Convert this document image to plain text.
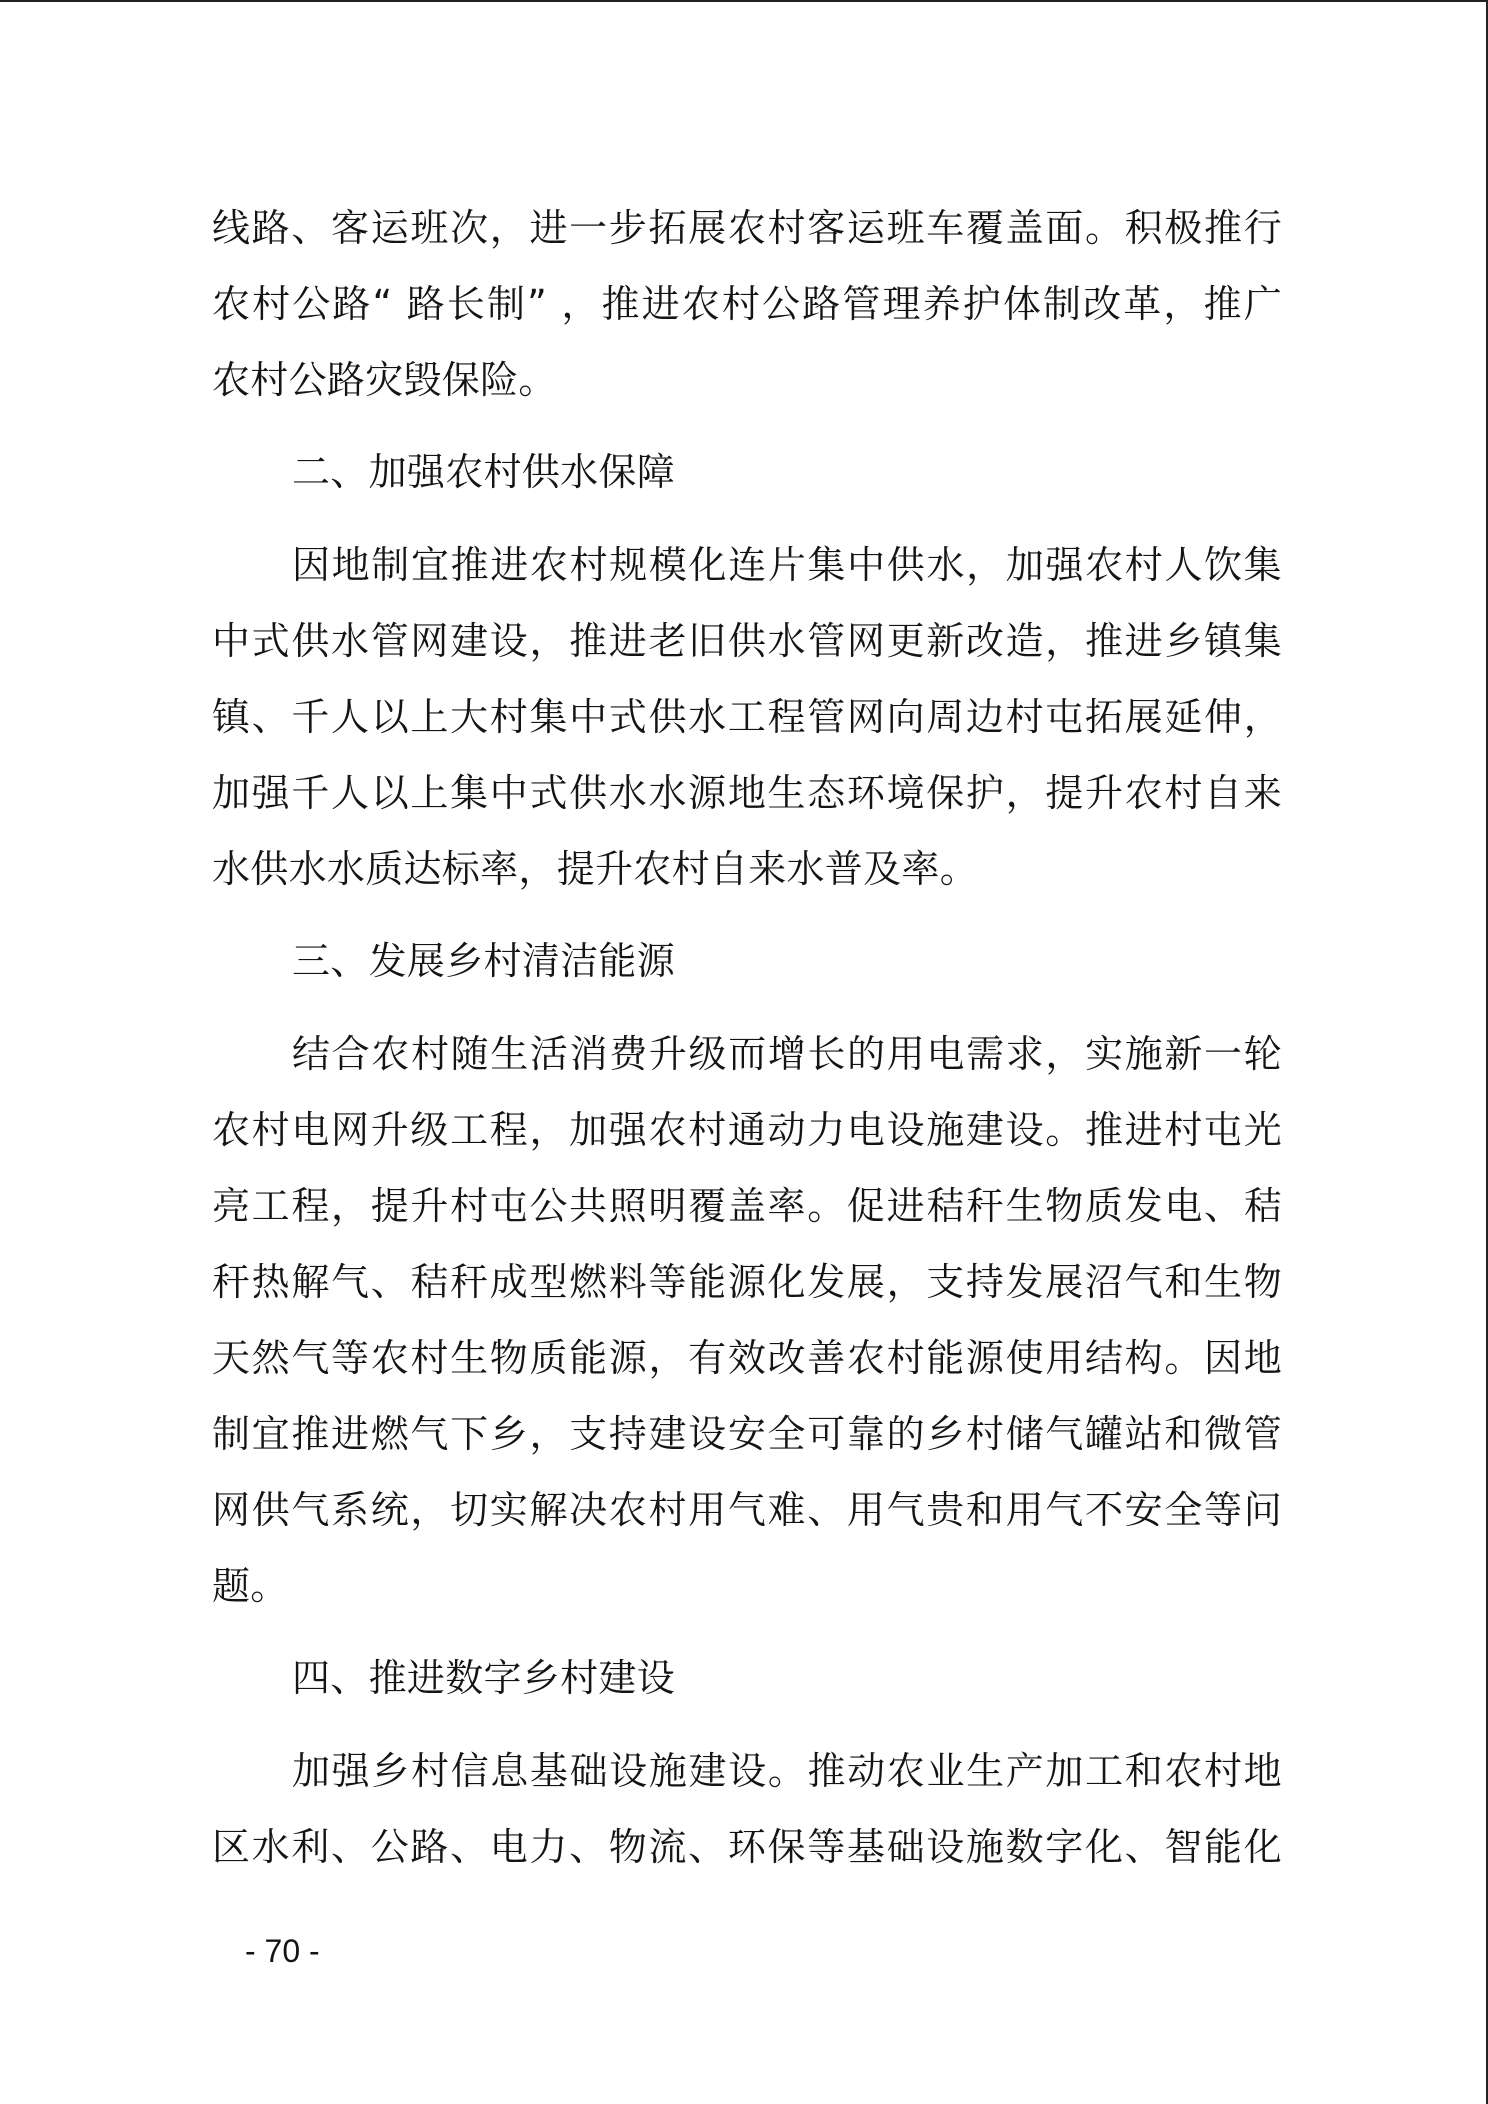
线路、客运班次，进一步拓展农村客运班车覆盖面。积极推行
农村公路“ 路长制” ，推进农村公路管理养护体制改革，推广
农村公路灾毁保险。
二、加强农村供水保障
因地制宜推进农村规模化连片集中供水，加强农村人饮集
中式供水管网建设，推进老旧供水管网更新改造，推进乡镇集
镇、千人以上大村集中式供水工程管网向周边村屯拓展延伸，
加强千人以上集中式供水水源地生态环境保护，提升农村自来
水供水水质达标率，提升农村自来水普及率。
三、发展乡村清洁能源
结合农村随生活消费升级而增长的用电需求，实施新一轮
农村电网升级工程，加强农村通动力电设施建设。推进村屯光
亮工程，提升村屯公共照明覆盖率。促进秸秆生物质发电、秸
秆热解气、秸秆成型燃料等能源化发展，支持发展沼气和生物
天然气等农村生物质能源，有效改善农村能源使用结构。因地
制宜推进燃气下乡，支持建设安全可靠的乡村储气罐站和微管
网供气系统，切实解决农村用气难、用气贵和用气不安全等问
题。
四、推进数字乡村建设
加强乡村信息基础设施建设。推动农业生产加工和农村地
区水利、公路、电力、物流、环保等基础设施数字化、智能化
- 70 -
